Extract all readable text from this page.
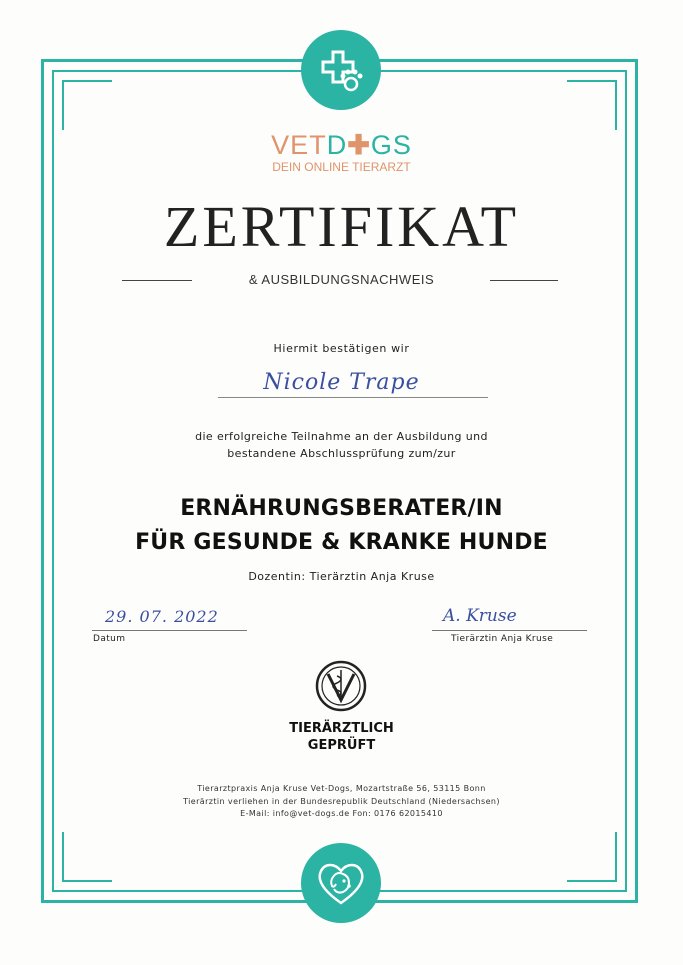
VETD✚GS
DEIN ONLINE TIERARZT
ZERTIFIKAT
& AUSBILDUNGSNACHWEIS
Hiermit bestätigen wir
Nicole Trape
die erfolgreiche Teilnahme an der Ausbildung und
bestandene Abschlussprüfung zum/zur
ERNÄHRUNGSBERATER/IN
FÜR GESUNDE & KRANKE HUNDE
Dozentin: Tierärztin Anja Kruse
29. 07. 2022
Datum
A. Kruse
Tierärztin Anja Kruse
TIERÄRZTLICH
GEPRÜFT
Tierarztpraxis Anja Kruse Vet-Dogs, Mozartstraße 56, 53115 Bonn
Tierärztin verliehen in der Bundesrepublik Deutschland (Niedersachsen)
E-Mail: info@vet-dogs.de Fon: 0176 62015410
